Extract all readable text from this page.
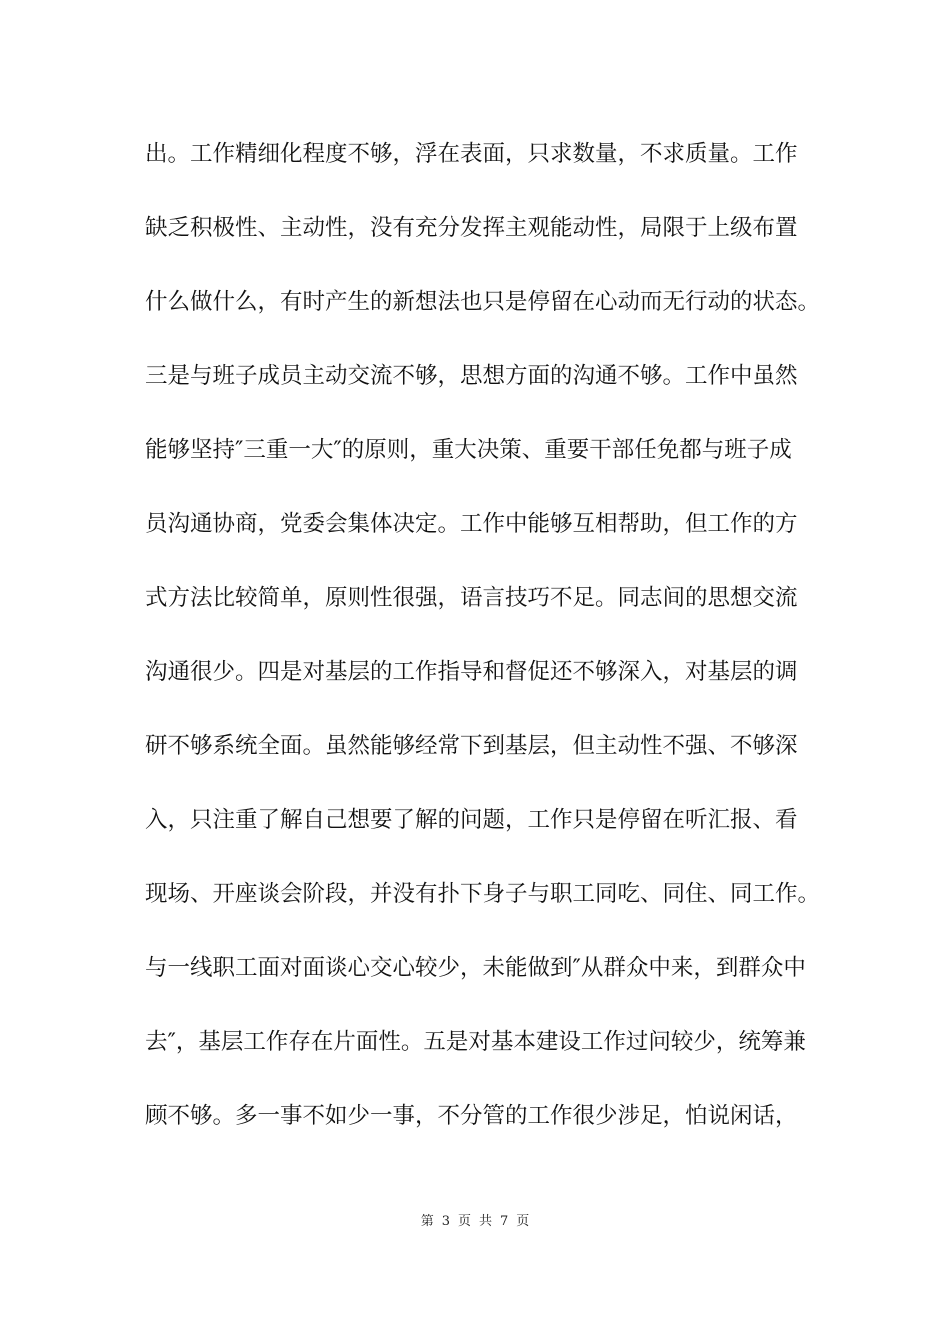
出。工作精细化程度不够，浮在表面，只求数量，不求质量。工作
缺乏积极性、主动性，没有充分发挥主观能动性，局限于上级布置
什么做什么，有时产生的新想法也只是停留在心动而无行动的状态。
三是与班子成员主动交流不够，思想方面的沟通不够。工作中虽然
能够坚持″三重一大″的原则，重大决策、重要干部任免都与班子成
员沟通协商，党委会集体决定。工作中能够互相帮助，但工作的方
式方法比较简单，原则性很强，语言技巧不足。同志间的思想交流
沟通很少。四是对基层的工作指导和督促还不够深入，对基层的调
研不够系统全面。虽然能够经常下到基层，但主动性不强、不够深
入，只注重了解自己想要了解的问题，工作只是停留在听汇报、看
现场、开座谈会阶段，并没有扑下身子与职工同吃、同住、同工作。
与一线职工面对面谈心交心较少，未能做到″从群众中来，到群众中
去″，基层工作存在片面性。五是对基本建设工作过问较少，统筹兼
顾不够。多一事不如少一事，不分管的工作很少涉足，怕说闲话，
第 3 页 共 7 页
